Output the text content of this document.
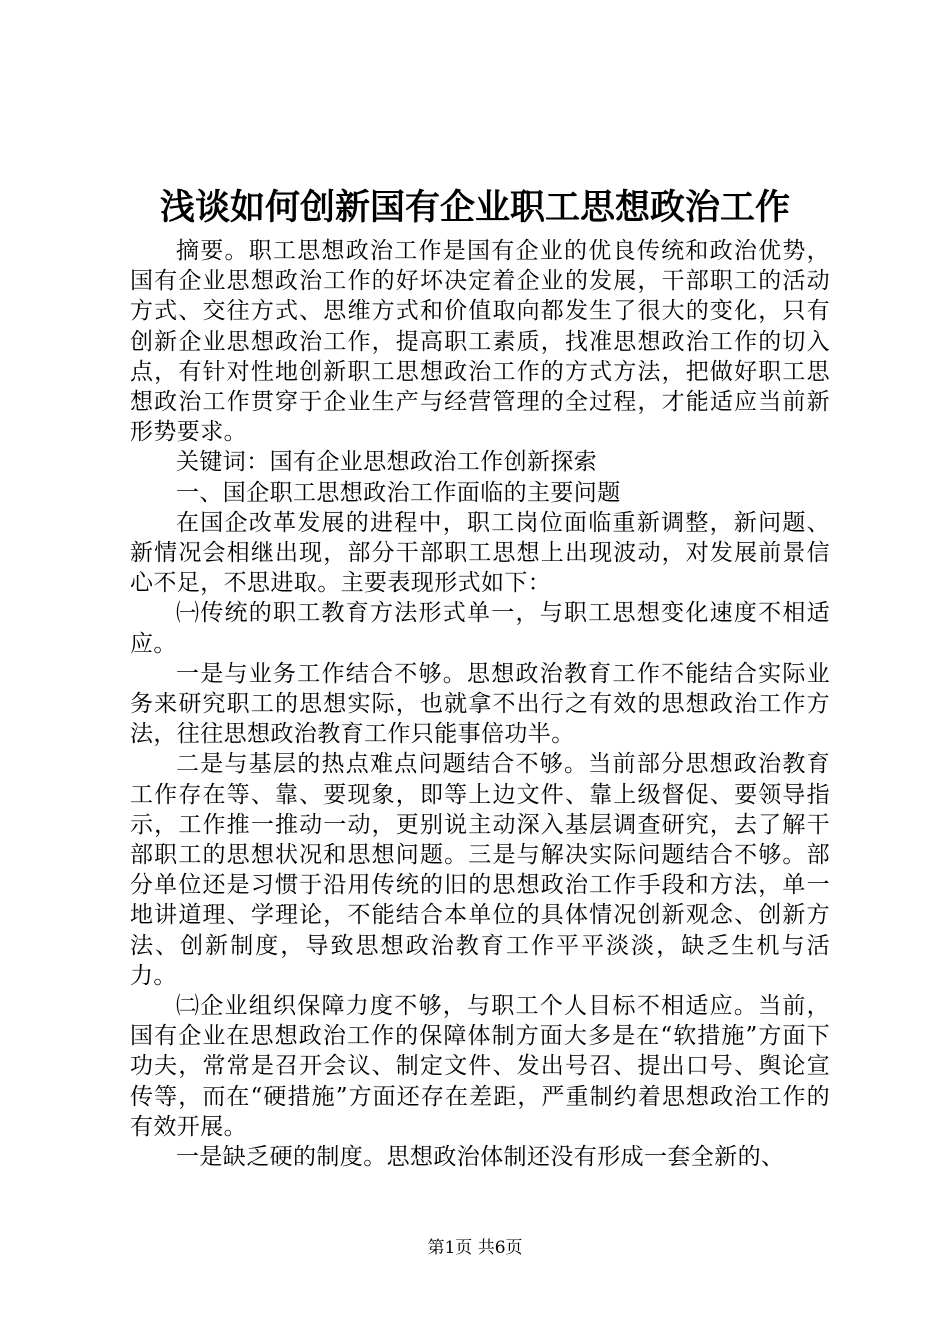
浅谈如何创新国有企业职工思想政治工作

摘要。职工思想政治工作是国有企业的优良传统和政治优势，国有企业思想政治工作的好坏决定着企业的发展，干部职工的活动方式、交往方式、思维方式和价值取向都发生了很大的变化，只有创新企业思想政治工作，提高职工素质，找准思想政治工作的切入点，有针对性地创新职工思想政治工作的方式方法，把做好职工思想政治工作贯穿于企业生产与经营管理的全过程，才能适应当前新形势要求。

关键词：国有企业思想政治工作创新探索

一、国企职工思想政治工作面临的主要问题

在国企改革发展的进程中，职工岗位面临重新调整，新问题、新情况会相继出现，部分干部职工思想上出现波动，对发展前景信心不足，不思进取。主要表现形式如下：

㈠传统的职工教育方法形式单一，与职工思想变化速度不相适应。

一是与业务工作结合不够。思想政治教育工作不能结合实际业务来研究职工的思想实际，也就拿不出行之有效的思想政治工作方法，往往思想政治教育工作只能事倍功半。

二是与基层的热点难点问题结合不够。当前部分思想政治教育工作存在等、靠、要现象，即等上边文件、靠上级督促、要领导指示，工作推一推动一动，更别说主动深入基层调查研究，去了解干部职工的思想状况和思想问题。三是与解决实际问题结合不够。部分单位还是习惯于沿用传统的旧的思想政治工作手段和方法，单一地讲道理、学理论，不能结合本单位的具体情况创新观念、创新方法、创新制度，导致思想政治教育工作平平淡淡，缺乏生机与活力。

㈡企业组织保障力度不够，与职工个人目标不相适应。当前，国有企业在思想政治工作的保障体制方面大多是在“软措施”方面下功夫，常常是召开会议、制定文件、发出号召、提出口号、舆论宣传等，而在“硬措施”方面还存在差距，严重制约着思想政治工作的有效开展。

一是缺乏硬的制度。思想政治体制还没有形成一套全新的、

第1页 共6页
